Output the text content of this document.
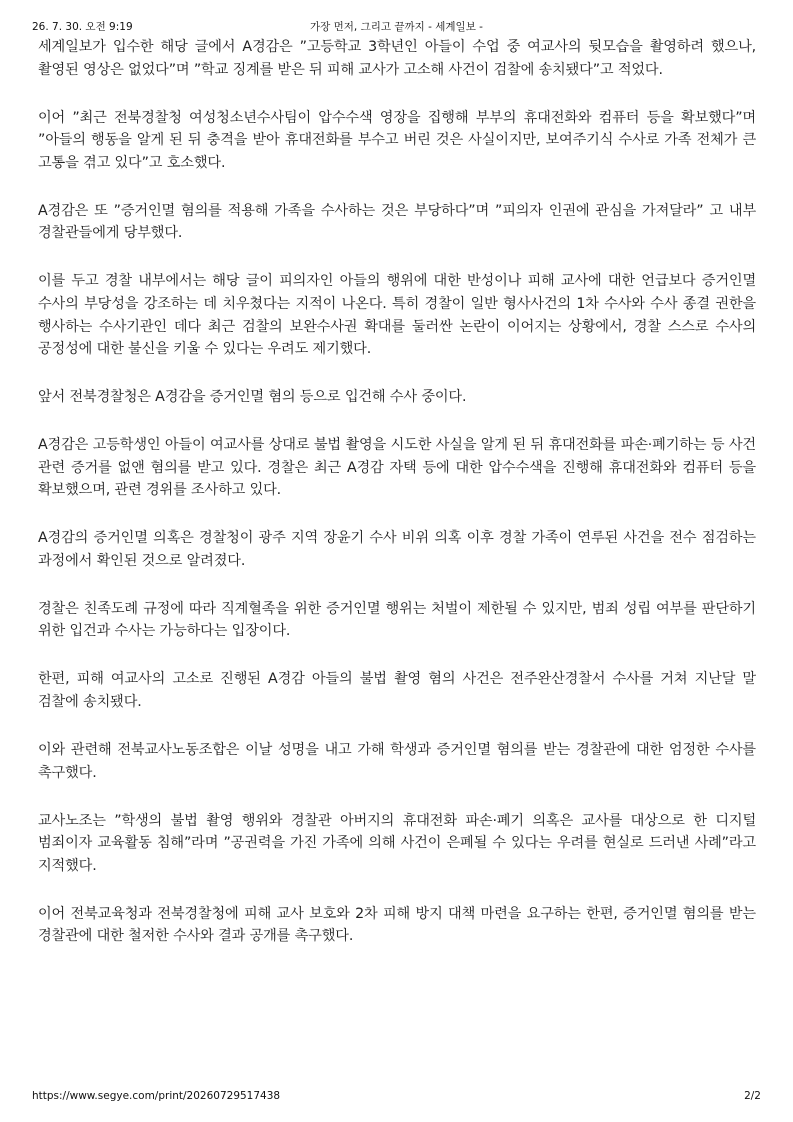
26. 7. 30. 오전 9:19	가장 먼저, 그리고 끝까지 - 세계일보 -

세계일보가 입수한 해당 글에서 A경감은 ”고등학교 3학년인 아들이 수업 중 여교사의 뒷모습을 촬영하려 했으나, 촬영된 영상은 없었다”며 ”학교 징계를 받은 뒤 피해 교사가 고소해 사건이 검찰에 송치됐다”고 적었다.

이어 ”최근 전북경찰청 여성청소년수사팀이 압수수색 영장을 집행해 부부의 휴대전화와 컴퓨터 등을 확보했다”며 ”아들의 행동을 알게 된 뒤 충격을 받아 휴대전화를 부수고 버린 것은 사실이지만, 보여주기식 수사로 가족 전체가 큰 고통을 겪고 있다”고 호소했다.

A경감은 또 ”증거인멸 혐의를 적용해 가족을 수사하는 것은 부당하다”며 ”피의자 인권에 관심을 가져달라” 고 내부 경찰관들에게 당부했다.

이를 두고 경찰 내부에서는 해당 글이 피의자인 아들의 행위에 대한 반성이나 피해 교사에 대한 언급보다 증거인멸 수사의 부당성을 강조하는 데 치우쳤다는 지적이 나온다. 특히 경찰이 일반 형사사건의 1차 수사와 수사 종결 권한을 행사하는 수사기관인 데다 최근 검찰의 보완수사권 확대를 둘러싼 논란이 이어지는 상황에서, 경찰 스스로 수사의 공정성에 대한 불신을 키울 수 있다는 우려도 제기했다.

앞서 전북경찰청은 A경감을 증거인멸 혐의 등으로 입건해 수사 중이다.

A경감은 고등학생인 아들이 여교사를 상대로 불법 촬영을 시도한 사실을 알게 된 뒤 휴대전화를 파손·폐기하는 등 사건 관련 증거를 없앤 혐의를 받고 있다. 경찰은 최근 A경감 자택 등에 대한 압수수색을 진행해 휴대전화와 컴퓨터 등을 확보했으며, 관련 경위를 조사하고 있다.

A경감의 증거인멸 의혹은 경찰청이 광주 지역 장윤기 수사 비위 의혹 이후 경찰 가족이 연루된 사건을 전수 점검하는 과정에서 확인된 것으로 알려졌다.

경찰은 친족도례 규정에 따라 직계혈족을 위한 증거인멸 행위는 처벌이 제한될 수 있지만, 범죄 성립 여부를 판단하기 위한 입건과 수사는 가능하다는 입장이다.

한편, 피해 여교사의 고소로 진행된 A경감 아들의 불법 촬영 혐의 사건은 전주완산경찰서 수사를 거쳐 지난달 말 검찰에 송치됐다.

이와 관련해 전북교사노동조합은 이날 성명을 내고 가해 학생과 증거인멸 혐의를 받는 경찰관에 대한 엄정한 수사를 촉구했다.

교사노조는 ”학생의 불법 촬영 행위와 경찰관 아버지의 휴대전화 파손·폐기 의혹은 교사를 대상으로 한 디지털 범죄이자 교육활동 침해”라며 ”공권력을 가진 가족에 의해 사건이 은폐될 수 있다는 우려를 현실로 드러낸 사례”라고 지적했다.

이어 전북교육청과 전북경찰청에 피해 교사 보호와 2차 피해 방지 대책 마련을 요구하는 한편, 증거인멸 혐의를 받는 경찰관에 대한 철저한 수사와 결과 공개를 촉구했다.

https://www.segye.com/print/20260729517438	2/2
